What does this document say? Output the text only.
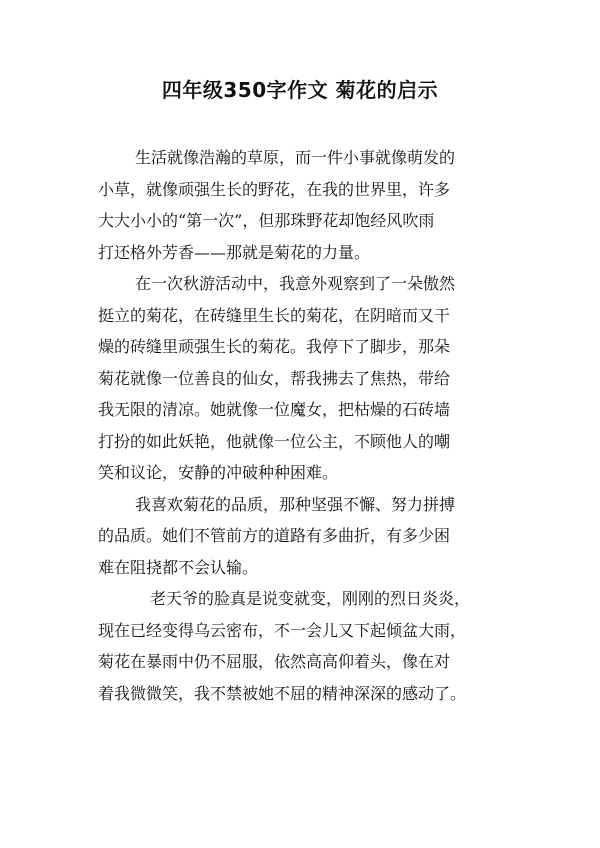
四年级350字作文 菊花的启示
生活就像浩瀚的草原，而一件小事就像萌发的
小草，就像顽强生长的野花，在我的世界里，许多
大大小小的“第一次”，但那珠野花却饱经风吹雨
打还格外芳香——那就是菊花的力量。
在一次秋游活动中，我意外观察到了一朵傲然
挺立的菊花，在砖缝里生长的菊花，在阴暗而又干
燥的砖缝里顽强生长的菊花。我停下了脚步，那朵
菊花就像一位善良的仙女，帮我拂去了焦热，带给
我无限的清凉。她就像一位魔女，把枯燥的石砖墙
打扮的如此妖艳，他就像一位公主，不顾他人的嘲
笑和议论，安静的冲破种种困难。
我喜欢菊花的品质，那种坚强不懈、努力拼搏
的品质。她们不管前方的道路有多曲折，有多少困
难在阻挠都不会认输。
老天爷的脸真是说变就变，刚刚的烈日炎炎，
现在已经变得乌云密布，不一会儿又下起倾盆大雨，
菊花在暴雨中仍不屈服，依然高高仰着头，像在对
着我微微笑，我不禁被她不屈的精神深深的感动了。
